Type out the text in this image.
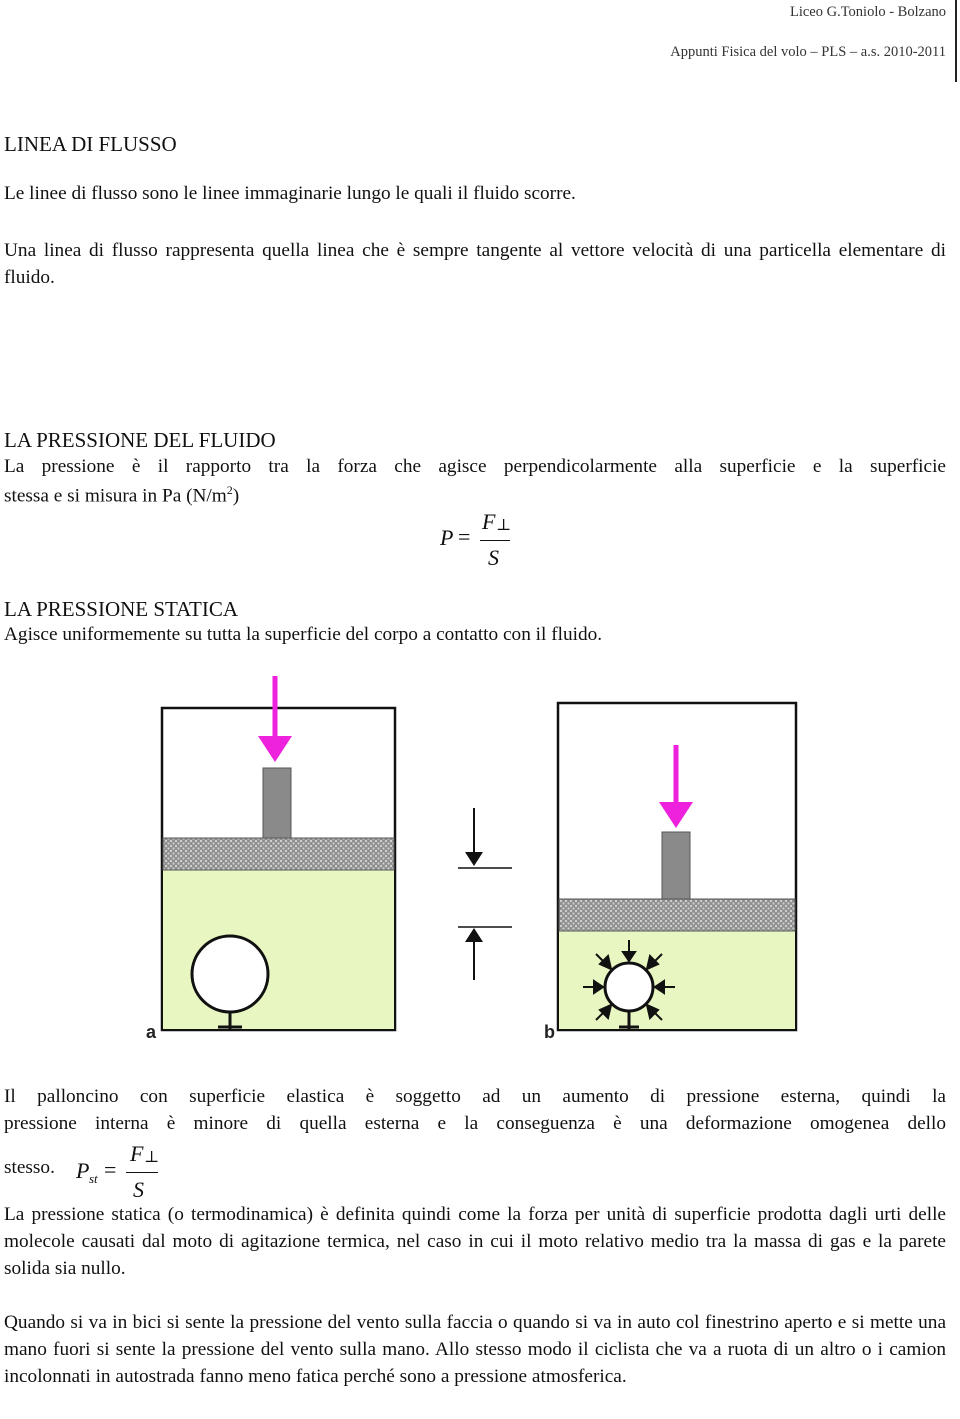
Liceo G.Toniolo - Bolzano
Appunti Fisica del volo – PLS – a.s. 2010-2011
LINEA DI FLUSSO
Le linee di flusso sono le linee immaginarie lungo le quali il fluido scorre.
Una linea di flusso rappresenta quella linea che è sempre tangente al vettore velocità di una particella elementare di fluido.
LA PRESSIONE DEL FLUIDO
La pressione è il rapporto tra la forza che agisce perpendicolarmente alla superficie e la superficie
stessa e si misura in Pa $(N/m^2)$
P =
F ⊥
S
LA PRESSIONE STATICA
Agisce uniformemente su tutta la superficie del corpo a contatto con il fluido.
a	b
Il palloncino con superficie elastica è soggetto ad un aumento di pressione esterna, quindi la
pressione interna è minore di quella esterna e la conseguenza è una deformazione omogenea dello
stesso. P st =
F ⊥
S
La pressione statica (o termodinamica) è definita quindi come la forza per unità di superficie prodotta dagli urti delle molecole causati dal moto di agitazione termica, nel caso in cui il moto relativo medio tra la massa di gas e la parete solida sia nullo.
Quando si va in bici si sente la pressione del vento sulla faccia o quando si va in auto col finestrino aperto e si mette una mano fuori si sente la pressione del vento sulla mano. Allo stesso modo il ciclista che va a ruota di un altro o i camion incolonnati in autostrada fanno meno fatica perché sono a pressione atmosferica.
